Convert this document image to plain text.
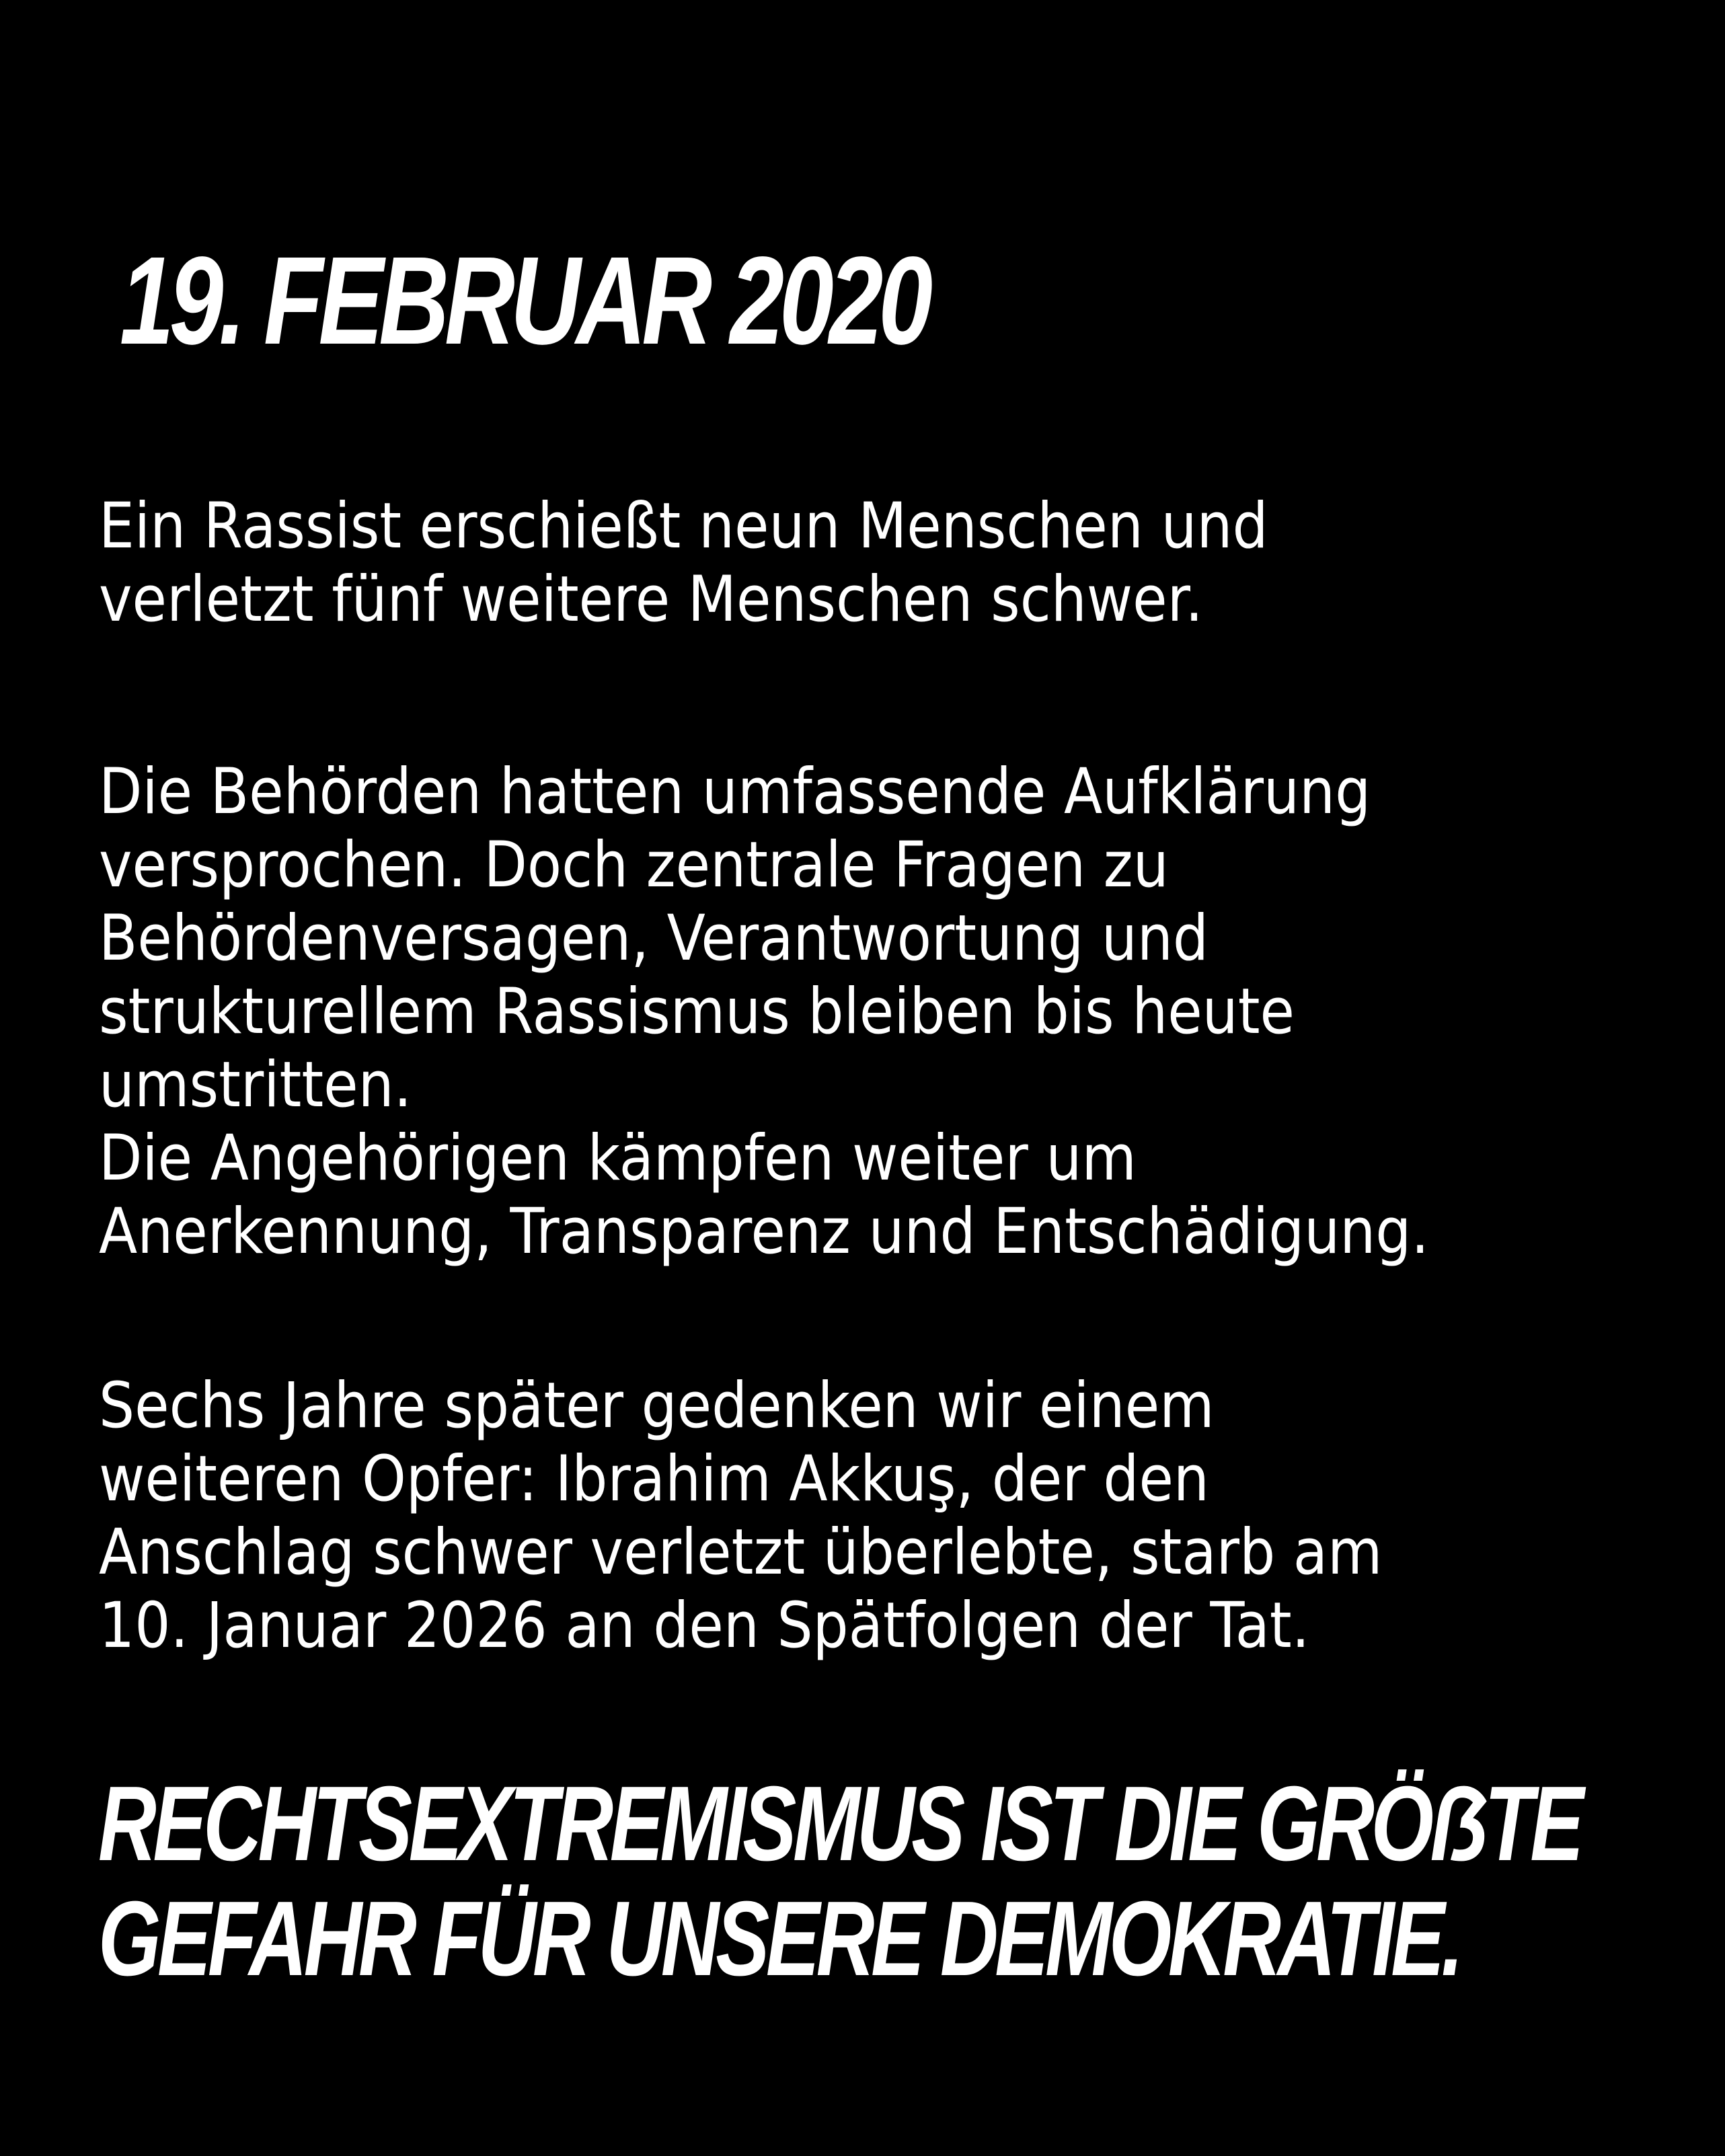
19. FEBRUAR 2020

Ein Rassist erschießt neun Menschen und
verletzt fünf weitere Menschen schwer.

Die Behörden hatten umfassende Aufklärung
versprochen. Doch zentrale Fragen zu
Behördenversagen, Verantwortung und
strukturellem Rassismus bleiben bis heute
umstritten.
Die Angehörigen kämpfen weiter um
Anerkennung, Transparenz und Entschädigung.

Sechs Jahre später gedenken wir einem
weiteren Opfer: Ibrahim Akkuş, der den
Anschlag schwer verletzt überlebte, starb am
10. Januar 2026 an den Spätfolgen der Tat.

RECHTSEXTREMISMUS IST DIE GRÖẞTE
GEFAHR FÜR UNSERE DEMOKRATIE.
